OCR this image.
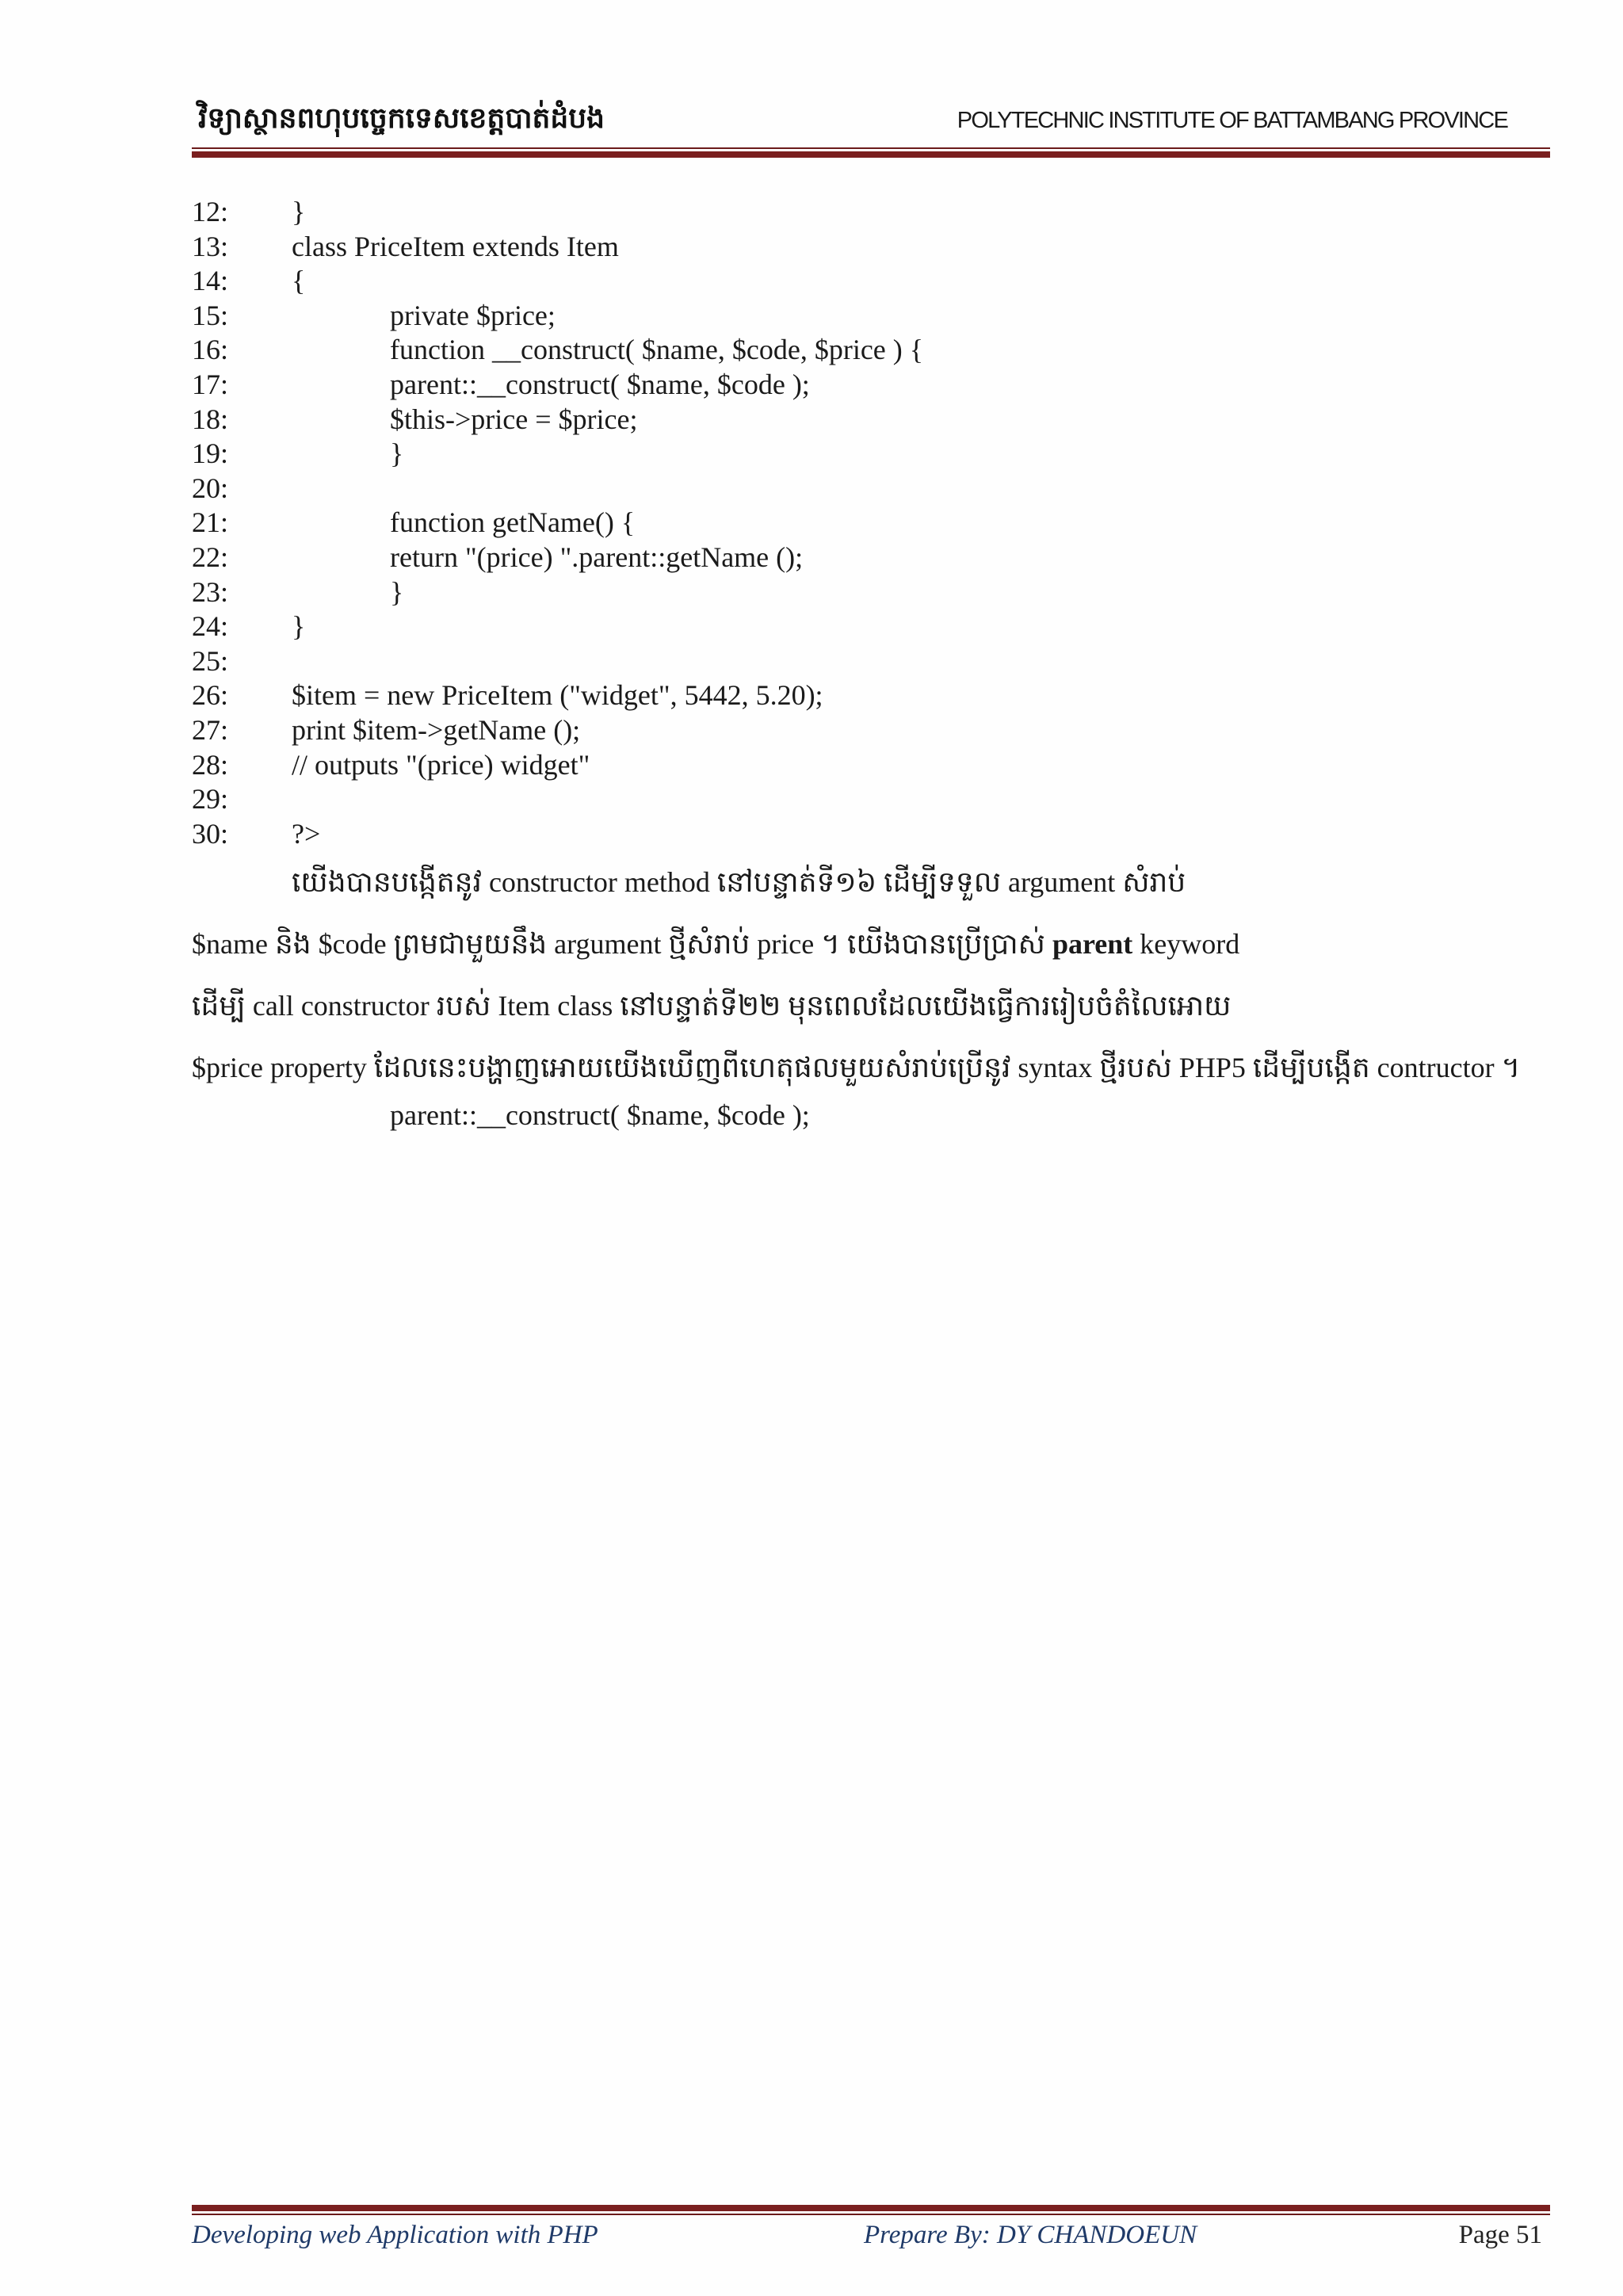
វិទ្យាស្ថានពហុបច្ចេកទេសខេត្តបាត់ដំបង	POLYTECHNIC INSTITUTE OF BATTAMBANG PROVINCE
12: }
13: class PriceItem extends Item
14: {
15:	private $price;
16:	function __construct( $name, $code, $price ) {
17:	parent::__construct( $name, $code );
18:	$this->price = $price;
19:	}
20:
21:	function getName() {
22:	return "(price) ".parent::getName ();
23:	}
24: }
25:
26: $item = new PriceItem ("widget", 5442, 5.20);
27: print $item->getName ();
28: // outputs "(price) widget"
29:
30: ?>
យើងបានបង្កើតនូវ constructor method នៅបន្ទាត់ទី១៦ ដើម្បីទទួល argument សំរាប់
$name និង $code ព្រមជាមួយនឹង argument ថ្មីសំរាប់ price ។ យើងបានប្រើប្រាស់ parent keyword
ដើម្បី call constructor របស់ Item class នៅបន្ទាត់ទី២២ មុនពេលដែលយើងធ្វើការរៀបចំតំលៃអោយ
$price property ដែលនេះបង្ហាញអោយយើងឃើញពីហេតុផលមួយសំរាប់ប្រើនូវ syntax ថ្មីរបស់ PHP5 ដើម្បីបង្កើត contructor ។
parent::__construct( $name, $code );
Developing web Application with PHP	Prepare By: DY CHANDOEUN	Page 51
